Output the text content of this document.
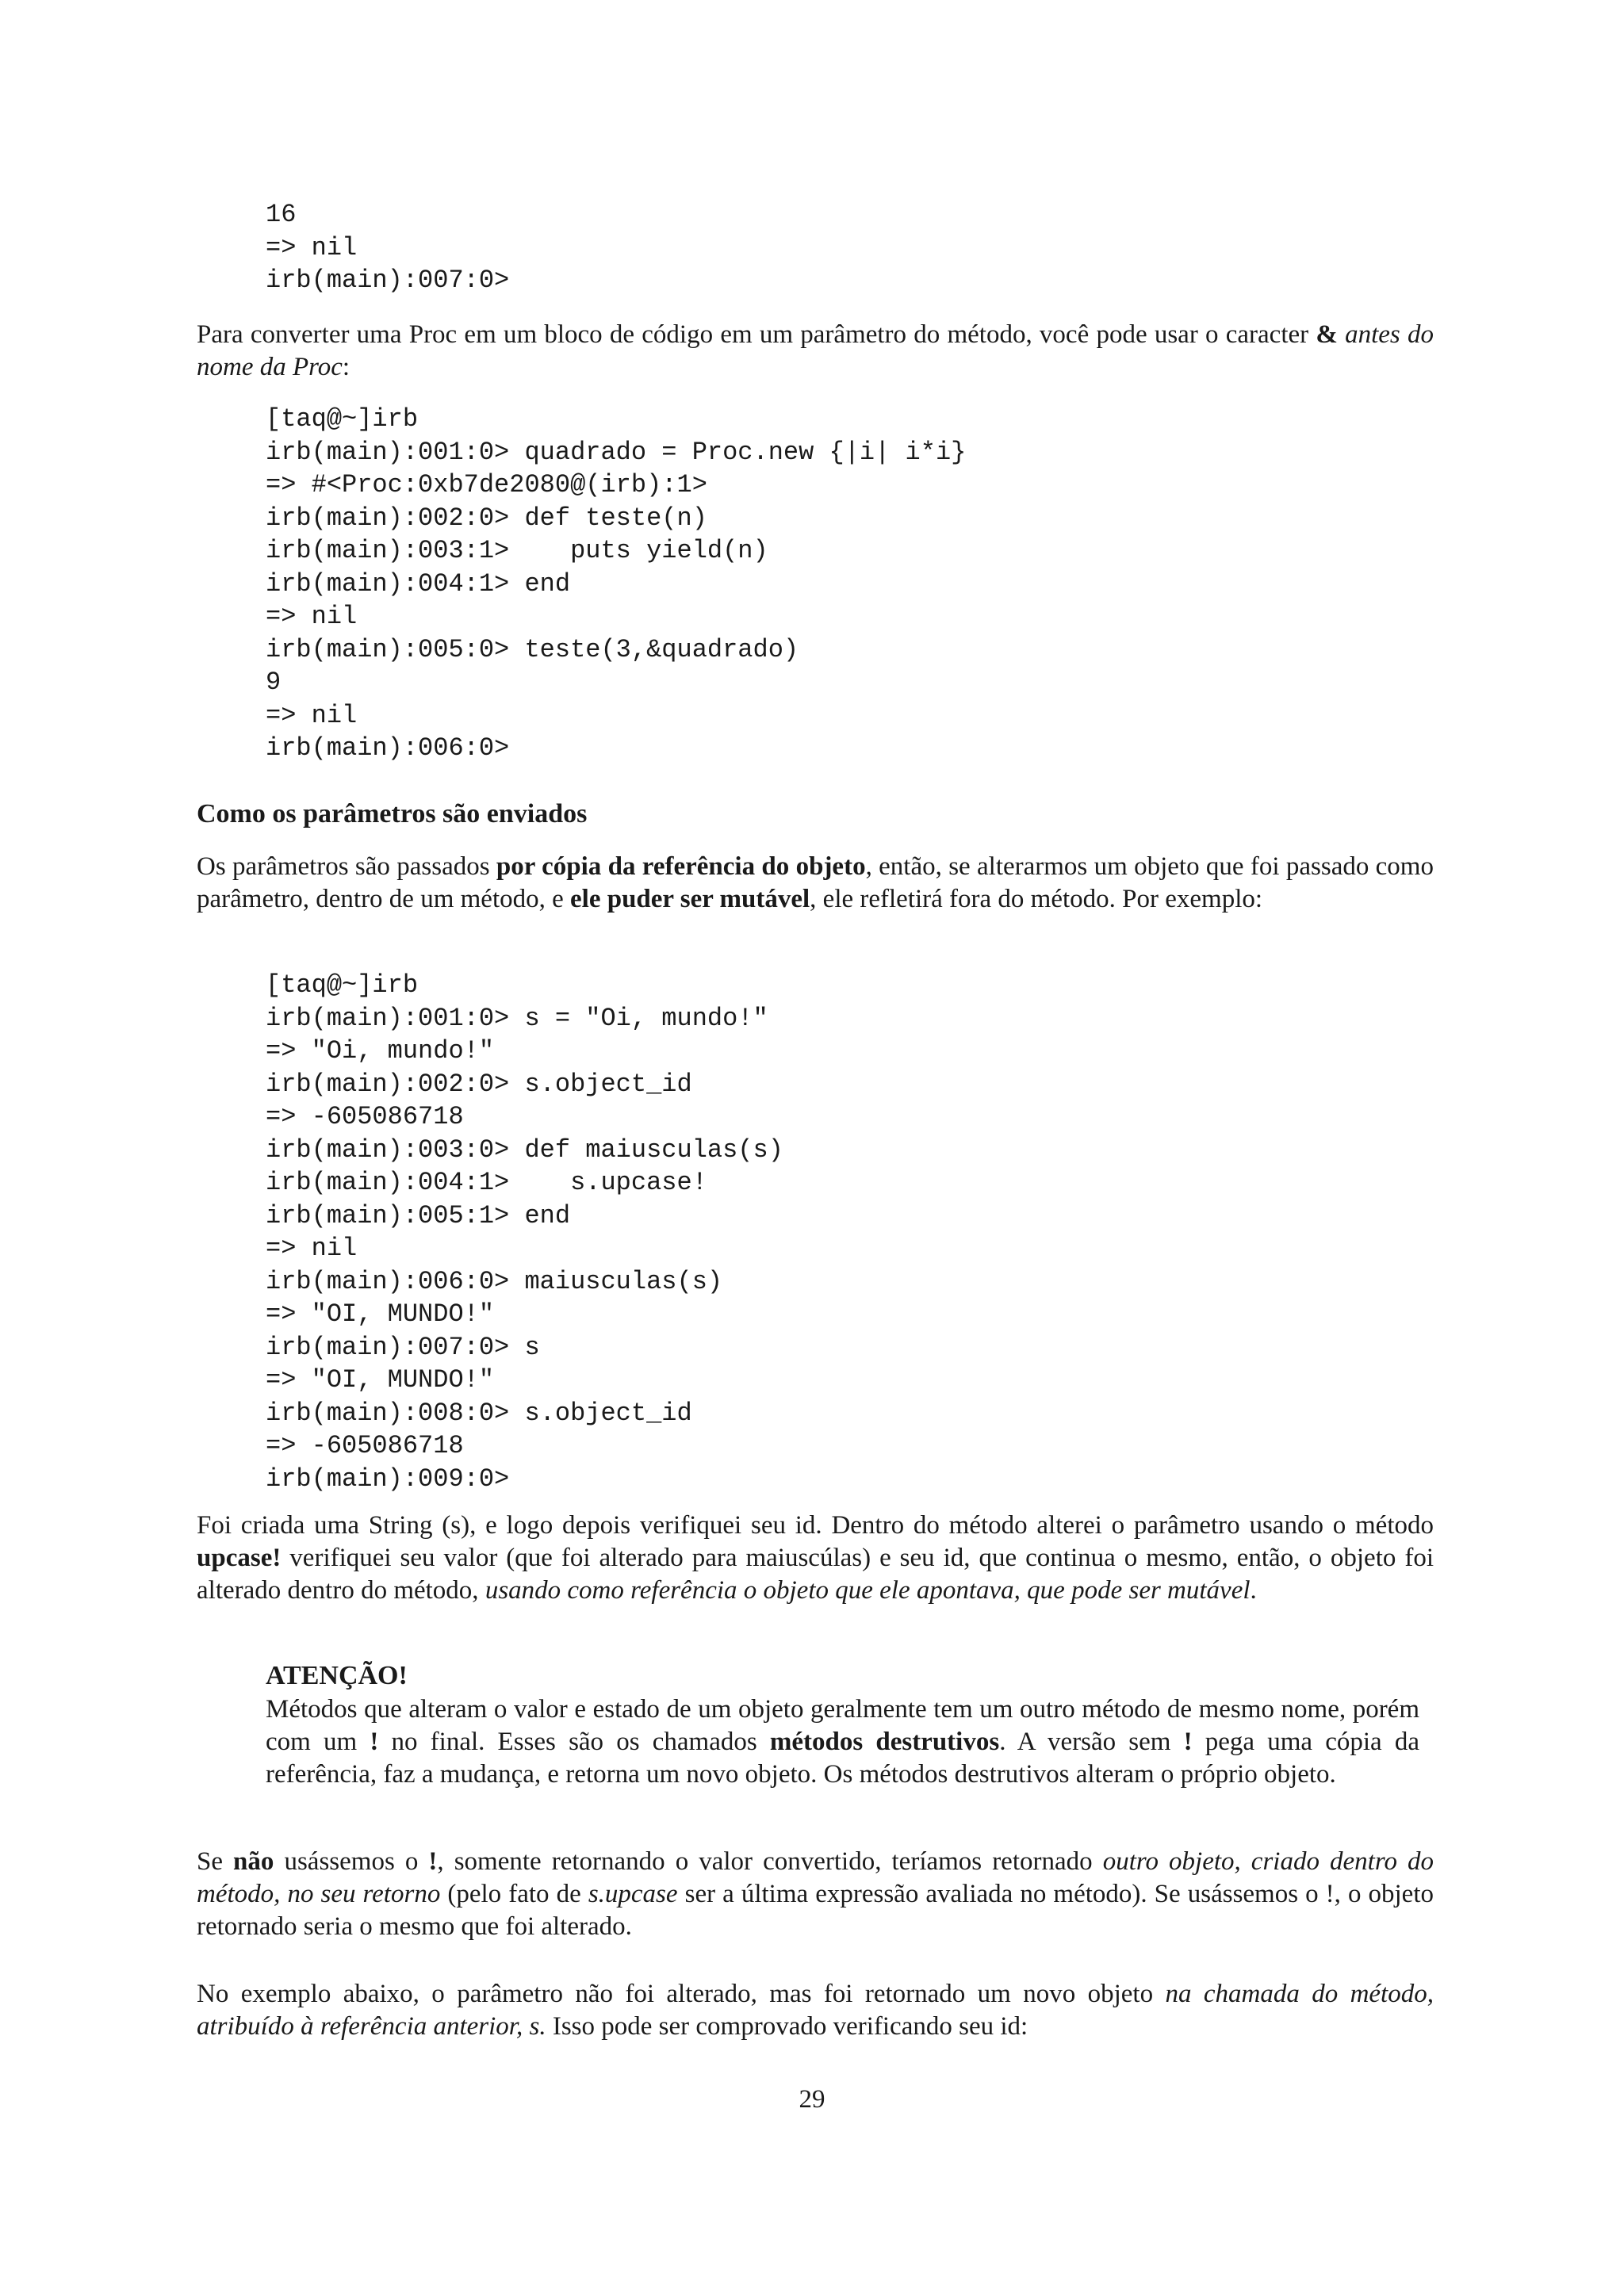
16
=> nil
irb(main):007:0>

Para converter uma Proc em um bloco de código em um parâmetro do método, você pode usar o caracter & antes do nome da Proc:

[taq@~]irb
irb(main):001:0> quadrado = Proc.new {|i| i*i}
=> #<Proc:0xb7de2080@(irb):1>
irb(main):002:0> def teste(n)
irb(main):003:1>    puts yield(n)
irb(main):004:1> end
=> nil
irb(main):005:0> teste(3,&quadrado)
9
=> nil
irb(main):006:0>
Como os parâmetros são enviados

Os parâmetros são passados por cópia da referência do objeto, então, se alterarmos um objeto que foi passado como parâmetro, dentro de um método, e ele puder ser mutável, ele refletirá fora do método. Por exemplo:

[taq@~]irb
irb(main):001:0> s = "Oi, mundo!"
=> "Oi, mundo!"
irb(main):002:0> s.object_id
=> -605086718
irb(main):003:0> def maiusculas(s)
irb(main):004:1>    s.upcase!
irb(main):005:1> end
=> nil
irb(main):006:0> maiusculas(s)
=> "OI, MUNDO!"
irb(main):007:0> s
=> "OI, MUNDO!"
irb(main):008:0> s.object_id
=> -605086718
irb(main):009:0>

Foi criada uma String (s), e logo depois verifiquei seu id. Dentro do método alterei o parâmetro usando o método upcase! verifiquei seu valor (que foi alterado para maiuscúlas) e seu id, que continua o mesmo, então, o objeto foi alterado dentro do método, usando como referência o objeto que ele apontava, que pode ser mutável.

ATENÇÃO!

Métodos que alteram o valor e estado de um objeto geralmente tem um outro método de mesmo nome, porém com um ! no final. Esses são os chamados métodos destrutivos. A versão sem ! pega uma cópia da referência, faz a mudança, e retorna um novo objeto. Os métodos destrutivos alteram o próprio objeto.

Se não usássemos o !, somente retornando o valor convertido, teríamos retornado outro objeto, criado dentro do método, no seu retorno (pelo fato de s.upcase ser a última expressão avaliada no método). Se usássemos o !, o objeto retornado seria o mesmo que foi alterado.

No exemplo abaixo, o parâmetro não foi alterado, mas foi retornado um novo objeto na chamada do método, atribuído à referência anterior, s. Isso pode ser comprovado verificando seu id:

29
